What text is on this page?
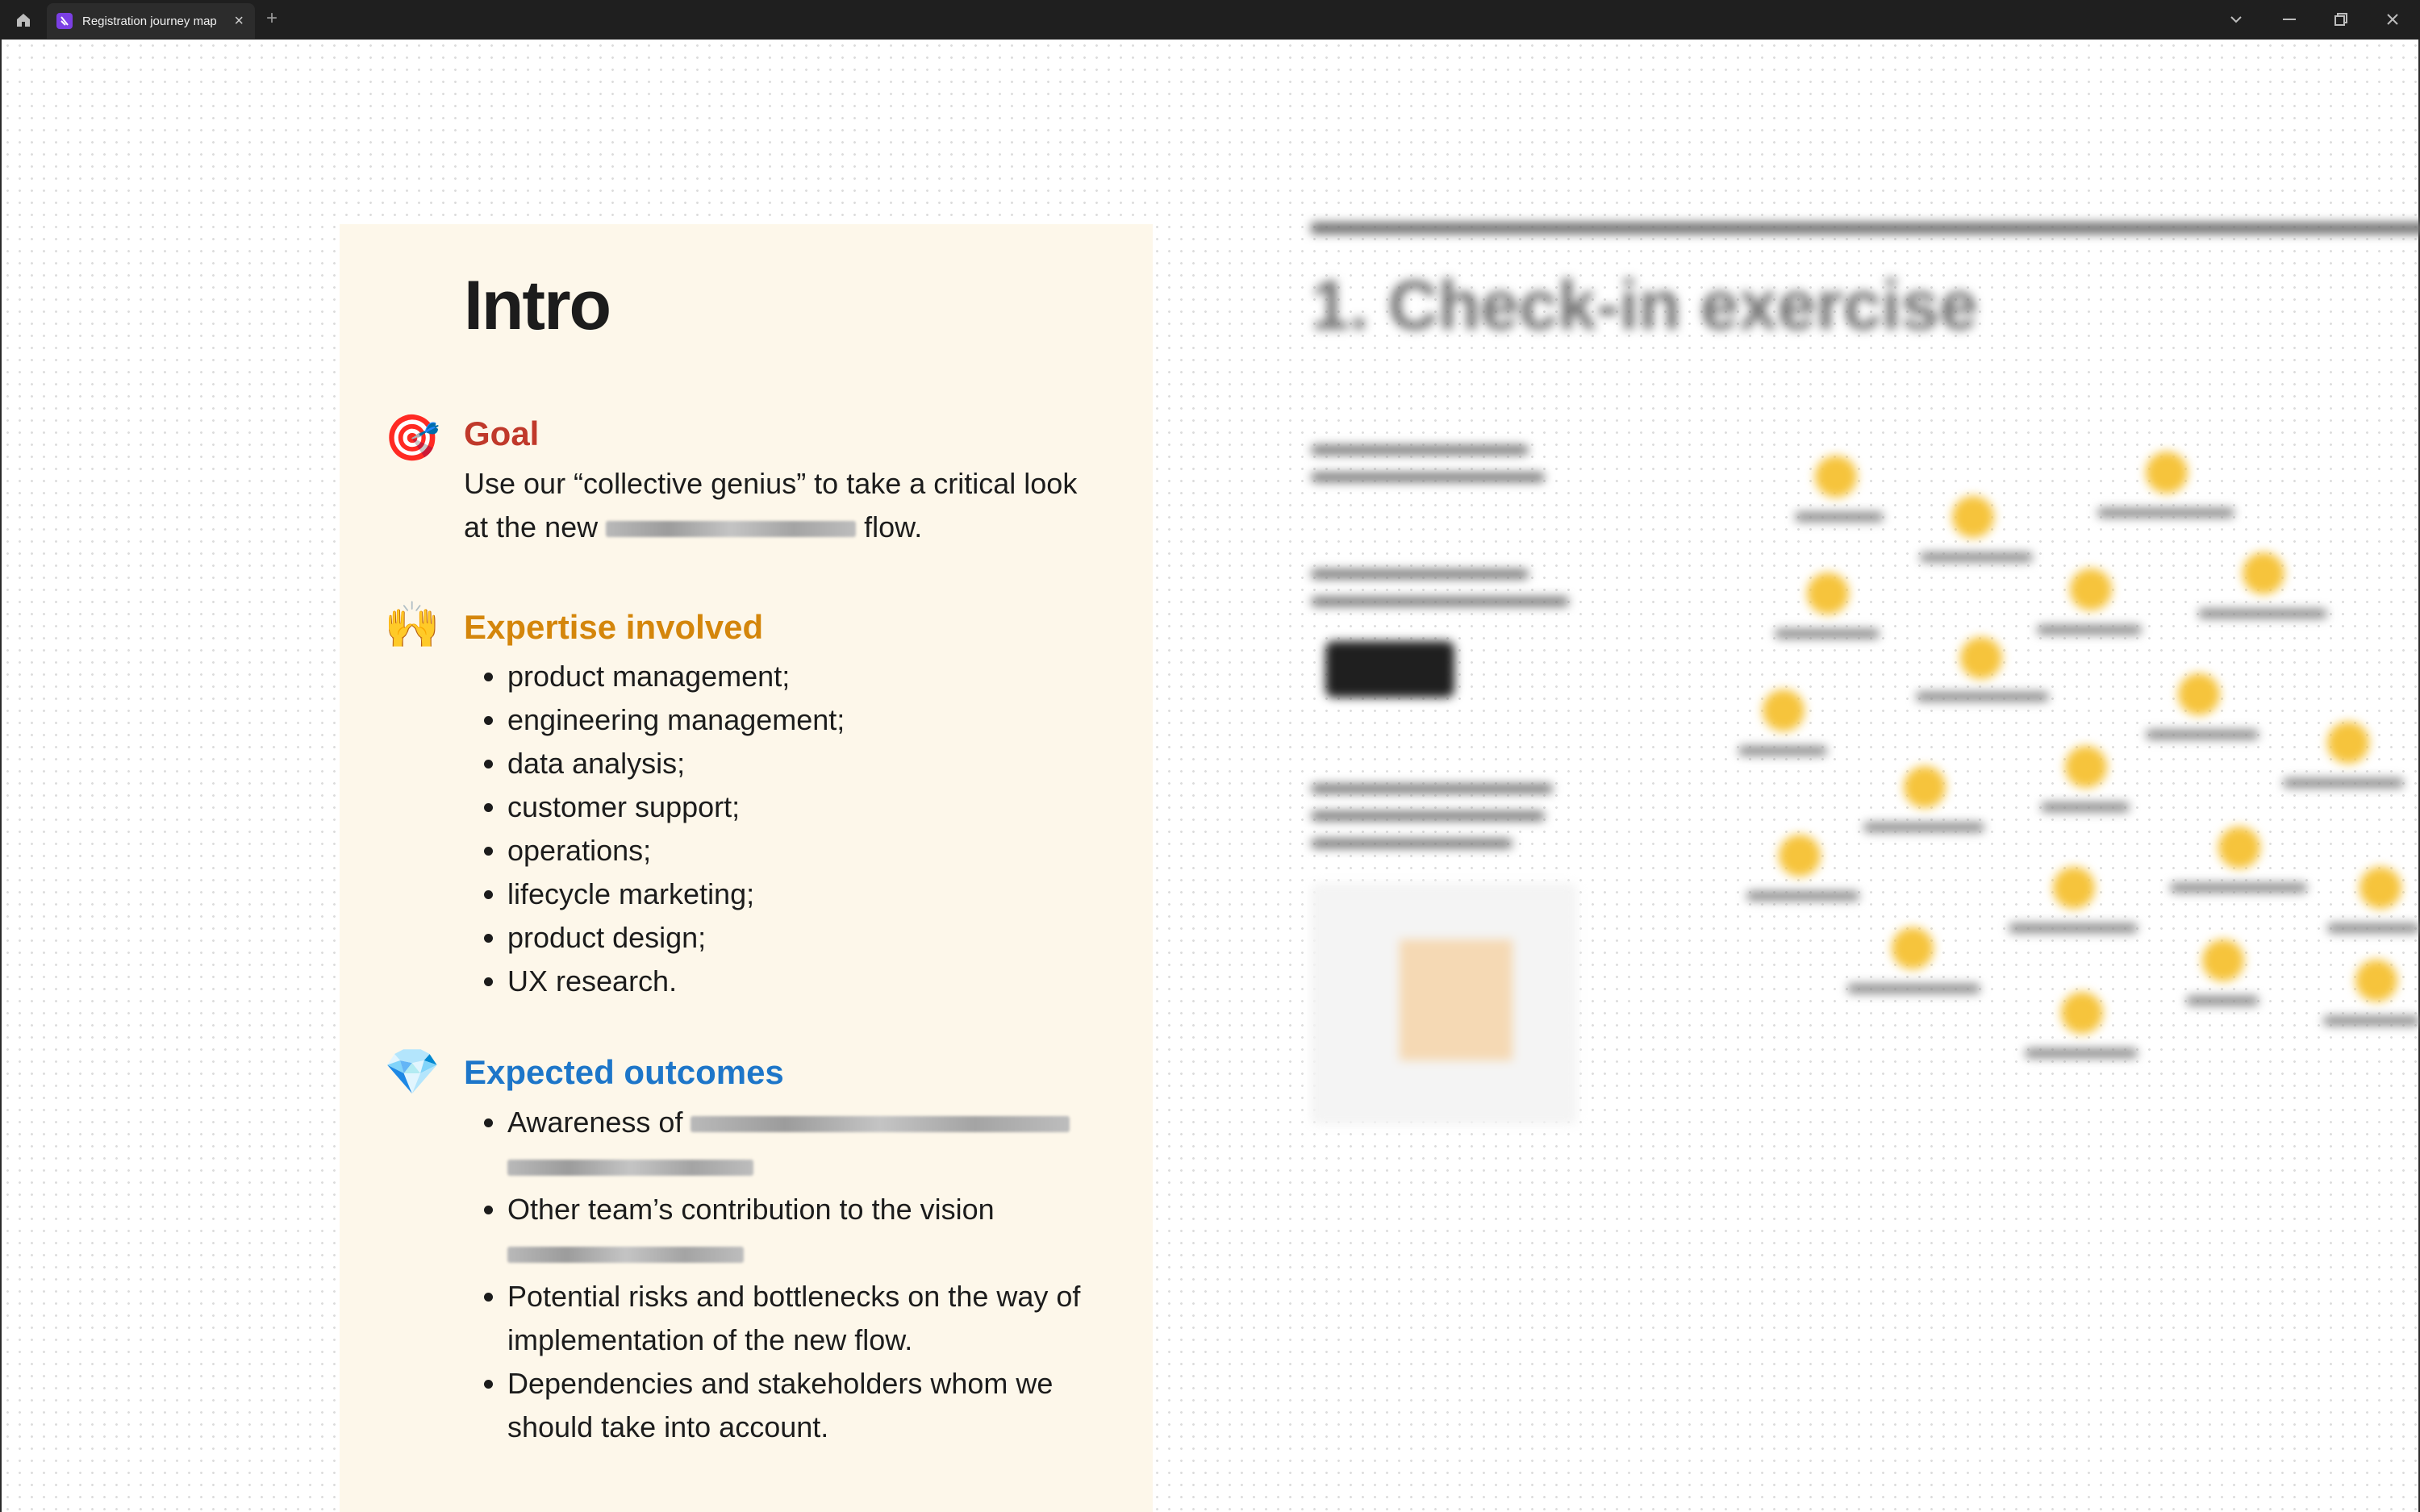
Registration journey map × +
Intro
🎯 Goal
Use our “collective genius” to take a critical look at the new	flow.
🙌 Expertise involved
• product management;
• engineering management;
• data analysis;
• customer support;
• operations;
• lifecycle marketing;
• product design;
• UX research.
💎 Expected outcomes
• Awareness of

• Other team’s contribution to the vision

• Potential risks and bottlenecks on the way of implementation of the new flow.
• Dependencies and stakeholders whom we should take into account.
1. Check-in exercise
